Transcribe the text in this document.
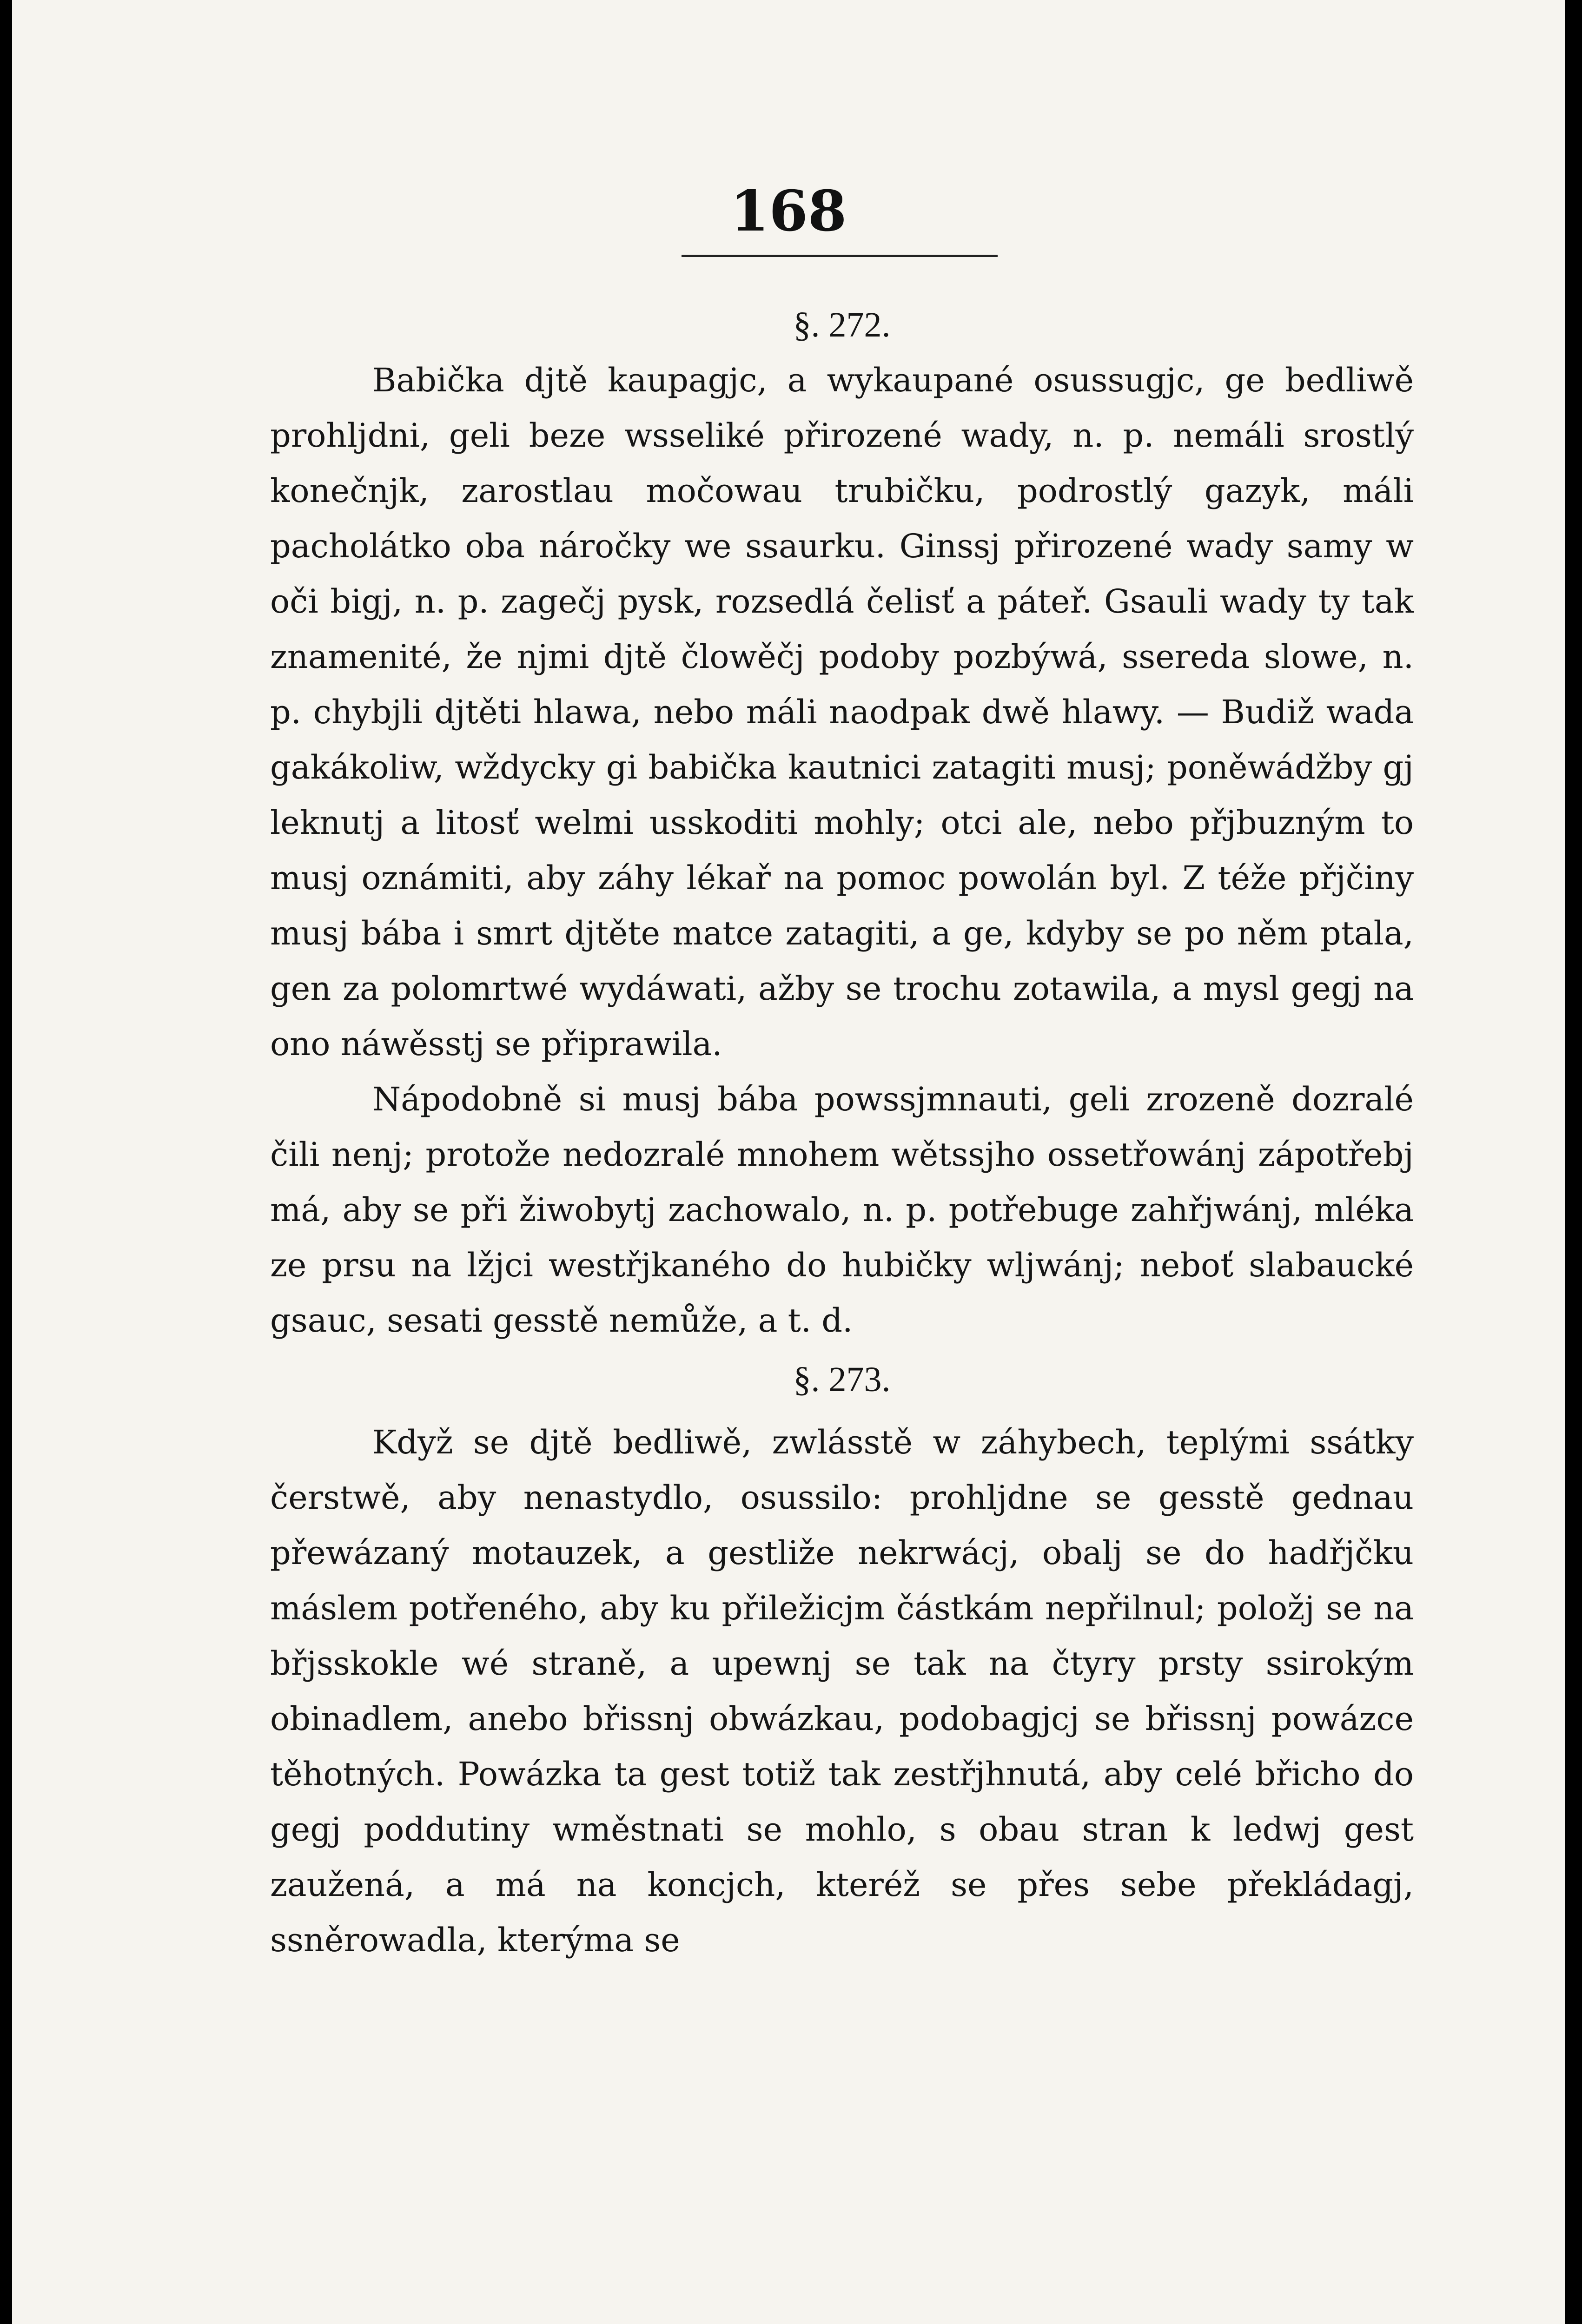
168

§. 272.

Babička djtě kaupagjc, a wykaupané osussugjc, ge bedliwě prohljdni, geli beze wsseliké přirozené wady, n. p. nemáli srostlý konečnjk, zarostlau močowau trubičku, podrostlý gazyk, máli pacholátko oba náročky we ssaurku. Ginssj přirozené wady samy w oči bigj, n. p. zagečj pysk, rozsedlá čelisť a páteř. Gsauli wady ty tak znamenité, že njmi djtě člowěčj podoby pozbýwá, ssereda slowe, n. p. chybjli djtěti hlawa, nebo máli naodpak dwě hlawy. — Budiž wada gakákoliw, wždycky gi babička kautnici zatagiti musj; poněwádžby gj leknutj a litosť welmi usskoditi mohly; otci ale, nebo přjbuzným to musj oznámiti, aby záhy lékař na pomoc powolán byl. Z téže přjčiny musj bába i smrt djtěte matce zatagiti, a ge, kdyby se po něm ptala, gen za polomrtwé wydáwati, ažby se trochu zotawila, a mysl gegj na ono náwěsstj se připrawila.

Nápodobně si musj bába powssjmnauti, geli zrozeně dozralé čili nenj; protože nedozralé mnohem wětssjho ossetřowánj zápotřebj má, aby se při žiwobytj zachowalo, n. p. potřebuge zahřjwánj, mléka ze prsu na lžjci westřjkaného do hubičky wljwánj; neboť slabaucké gsauc, sesati gesstě nemůže, a t. d.

§. 273.

Když se djtě bedliwě, zwlásstě w záhybech, teplými ssátky čerstwě, aby nenastydlo, osussilo: prohljdne se gesstě gednau přewázaný motauzek, a gestliže nekrwácj, obalj se do hadřjčku máslem potřeného, aby ku přiležicjm částkám nepřilnul; položj se na břjsskokle wé straně, a upewnj se tak na čtyry prsty ssirokým obinadlem, anebo břissnj obwázkau, podobagjcj se břissnj powázce těhotných. Powázka ta gest totiž tak zestřjhnutá, aby celé břicho do gegj poddutiny wměstnati se mohlo, s obau stran k ledwj gest zaužená, a má na koncjch, kteréž se přes sebe překládagj, ssněrowadla, kterýma se
